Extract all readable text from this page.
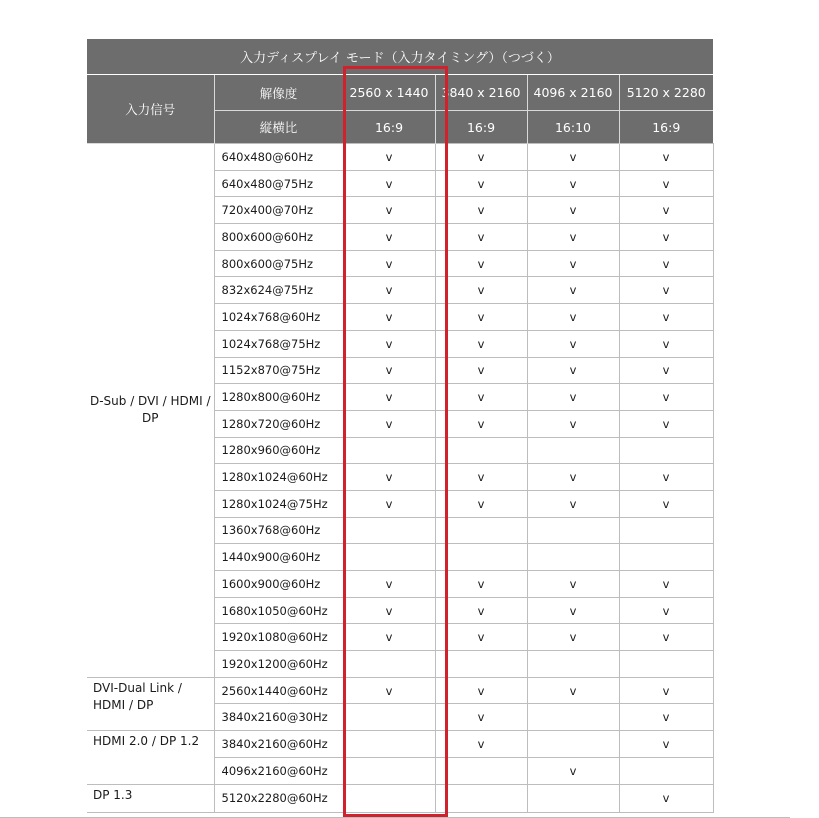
入力ディスプレイ モード（入力タイミング）（つづく）					
入力信号	解像度	2560 x 1440	3840 x 2160	4096 x 2160	5120 x 2280
	縦横比	16:9	16:9	16:10	16:9
D-Sub / DVI / HDMI / DP	640x480@60Hz	v	v	v	v
	640x480@75Hz	v	v	v	v
	720x400@70Hz	v	v	v	v
	800x600@60Hz	v	v	v	v
	800x600@75Hz	v	v	v	v
	832x624@75Hz	v	v	v	v
	1024x768@60Hz	v	v	v	v
	1024x768@75Hz	v	v	v	v
	1152x870@75Hz	v	v	v	v
	1280x800@60Hz	v	v	v	v
	1280x720@60Hz	v	v	v	v
	1280x960@60Hz				
	1280x1024@60Hz	v	v	v	v
	1280x1024@75Hz	v	v	v	v
	1360x768@60Hz				
	1440x900@60Hz				
	1600x900@60Hz	v	v	v	v
	1680x1050@60Hz	v	v	v	v
	1920x1080@60Hz	v	v	v	v
	1920x1200@60Hz				
DVI-Dual Link / HDMI / DP	2560x1440@60Hz	v	v	v	v
	3840x2160@30Hz		v		v
HDMI 2.0 / DP 1.2	3840x2160@60Hz		v		v
	4096x2160@60Hz			v	
DP 1.3	5120x2280@60Hz				v
